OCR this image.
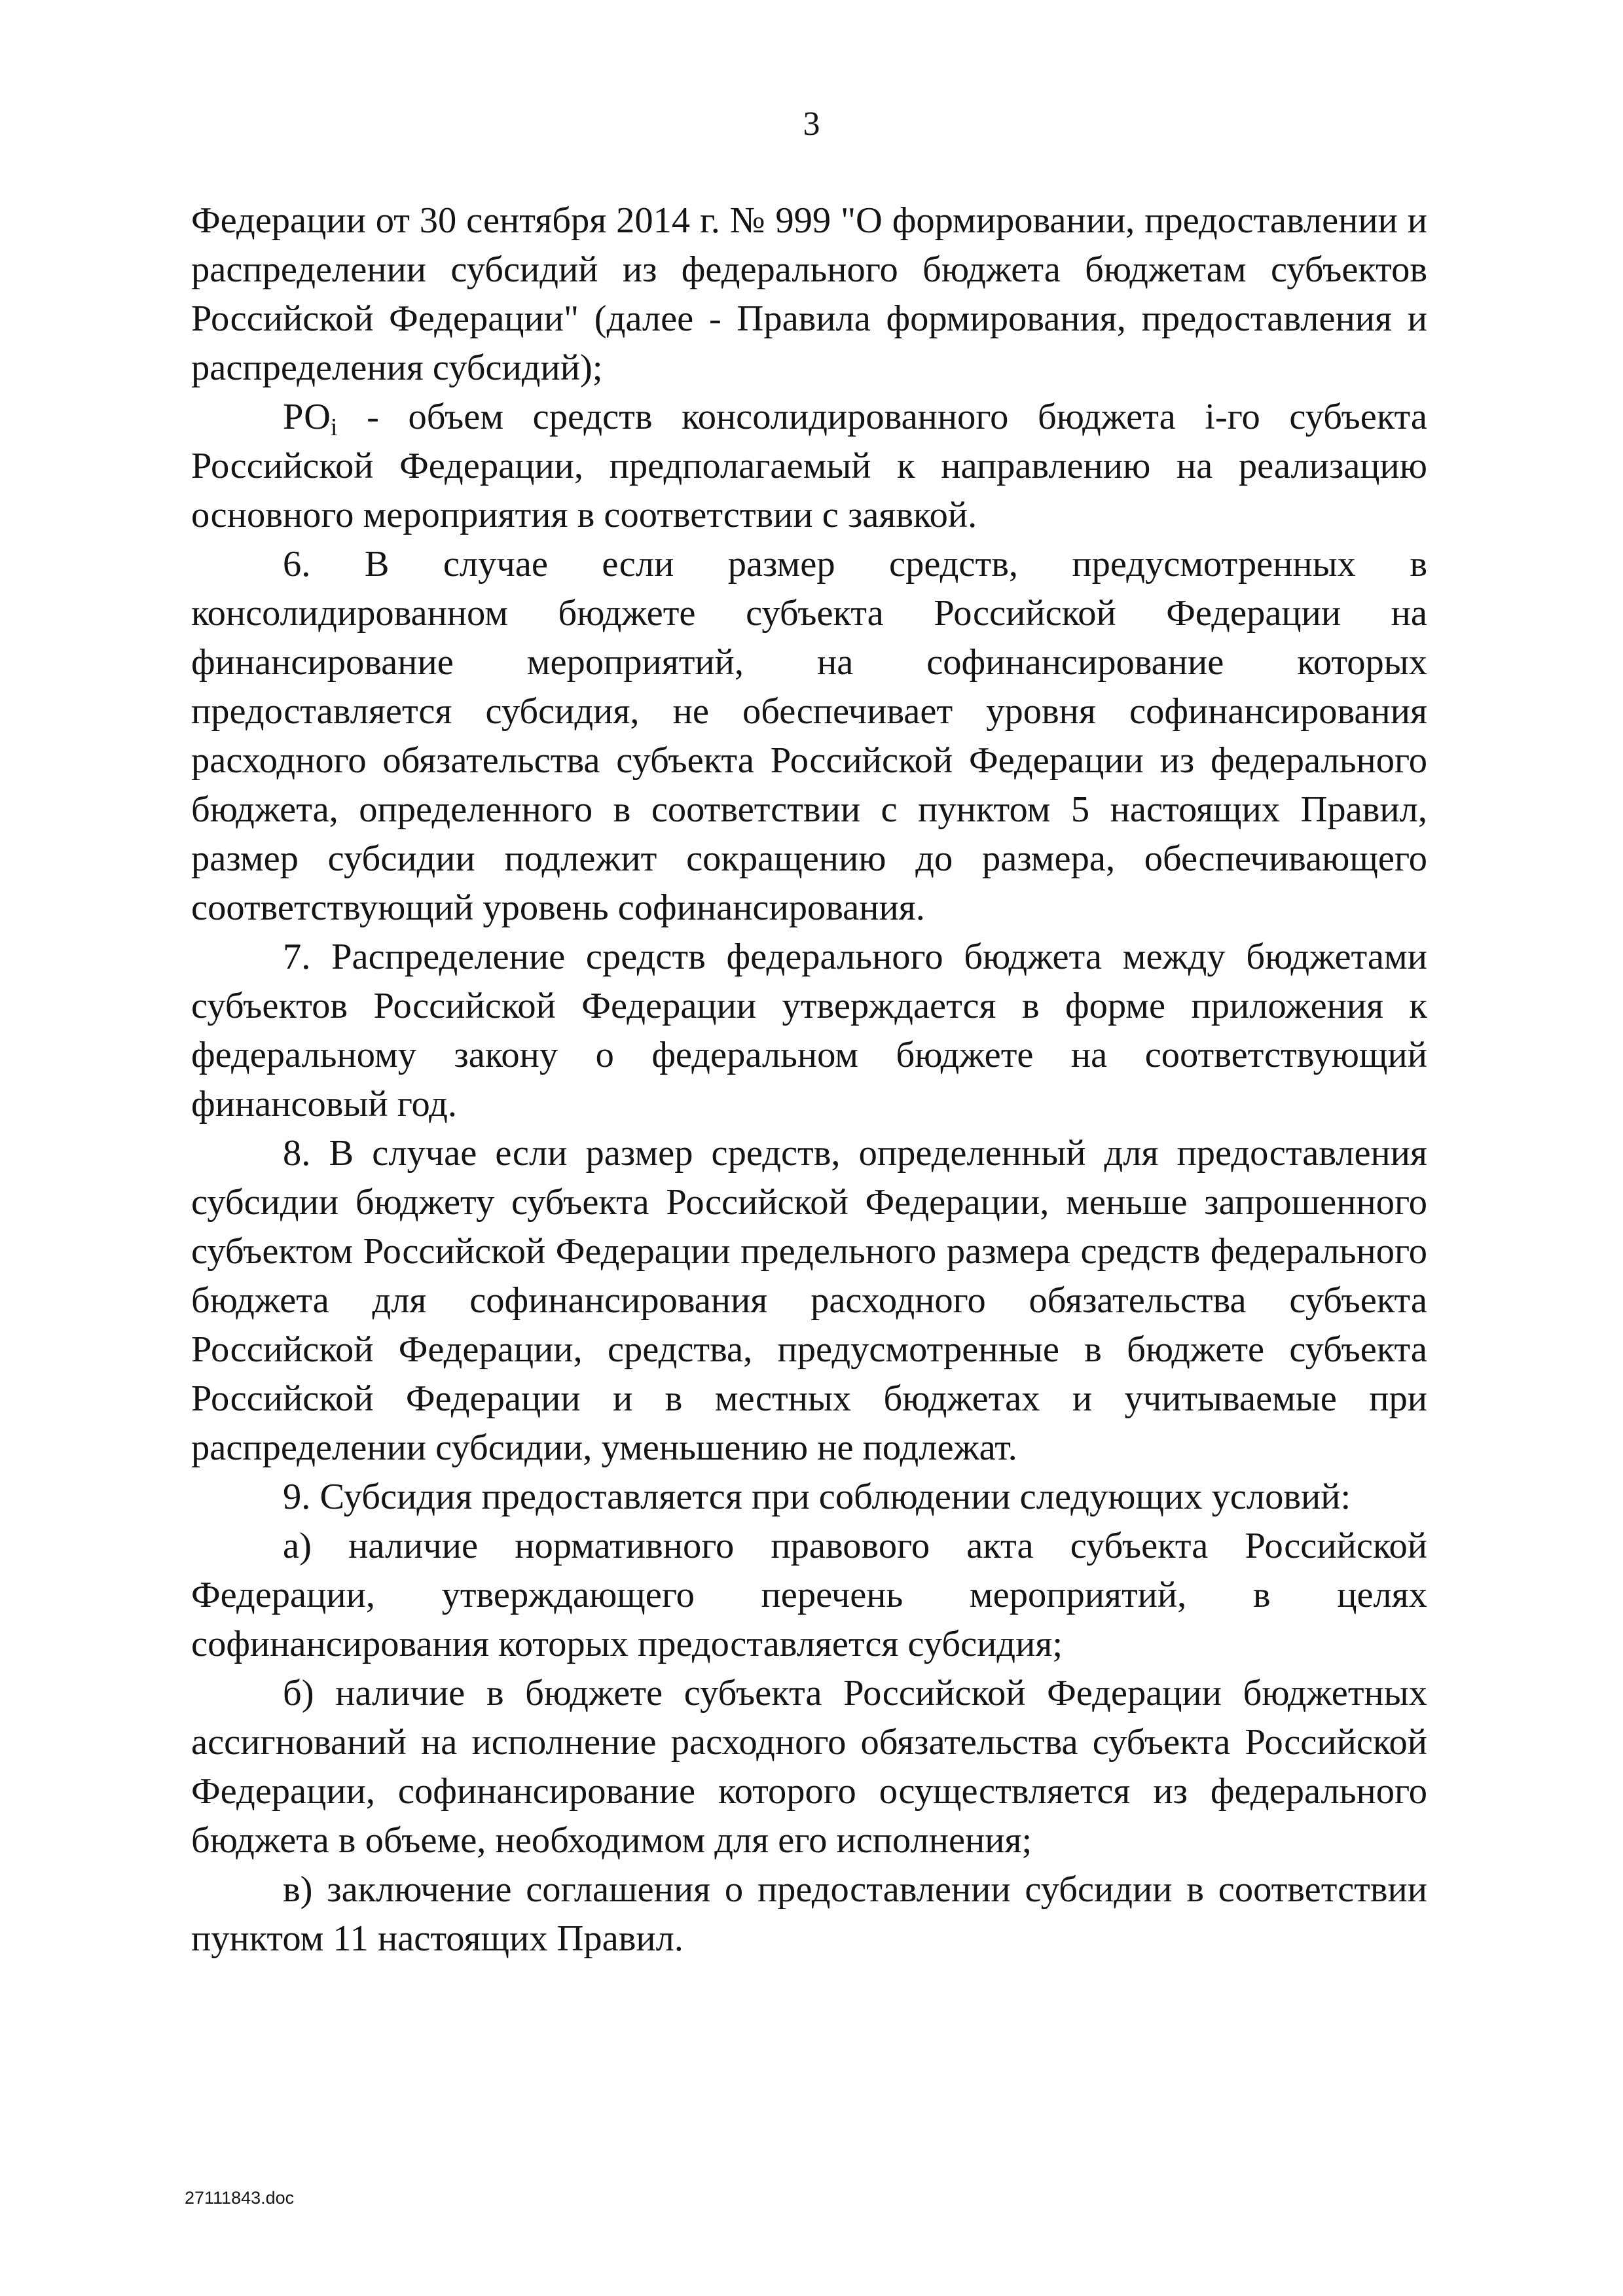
3

Федерации от 30 сентября 2014 г. № 999 "О формировании, предоставлении и распределении субсидий из федерального бюджета бюджетам субъектов Российской Федерации" (далее - Правила формирования, предоставления и распределения субсидий);

$РО_i$ - объем средств консолидированного бюджета i-го субъекта Российской Федерации, предполагаемый к направлению на реализацию основного мероприятия в соответствии с заявкой.

6. В случае если размер средств, предусмотренных в консолидированном бюджете субъекта Российской Федерации на финансирование мероприятий, на софинансирование которых предоставляется субсидия, не обеспечивает уровня софинансирования расходного обязательства субъекта Российской Федерации из федерального бюджета, определенного в соответствии с пунктом 5 настоящих Правил, размер субсидии подлежит сокращению до размера, обеспечивающего соответствующий уровень софинансирования.

7. Распределение средств федерального бюджета между бюджетами субъектов Российской Федерации утверждается в форме приложения к федеральному закону о федеральном бюджете на соответствующий финансовый год.

8. В случае если размер средств, определенный для предоставления субсидии бюджету субъекта Российской Федерации, меньше запрошенного субъектом Российской Федерации предельного размера средств федерального бюджета для софинансирования расходного обязательства субъекта Российской Федерации, средства, предусмотренные в бюджете субъекта Российской Федерации и в местных бюджетах и учитываемые при распределении субсидии, уменьшению не подлежат.

9. Субсидия предоставляется при соблюдении следующих условий:

а) наличие нормативного правового акта субъекта Российской Федерации, утверждающего перечень мероприятий, в целях софинансирования которых предоставляется субсидия;

б) наличие в бюджете субъекта Российской Федерации бюджетных ассигнований на исполнение расходного обязательства субъекта Российской Федерации, софинансирование которого осуществляется из федерального бюджета в объеме, необходимом для его исполнения;

в) заключение соглашения о предоставлении субсидии в соответствии пунктом 11 настоящих Правил.

27111843.doc
